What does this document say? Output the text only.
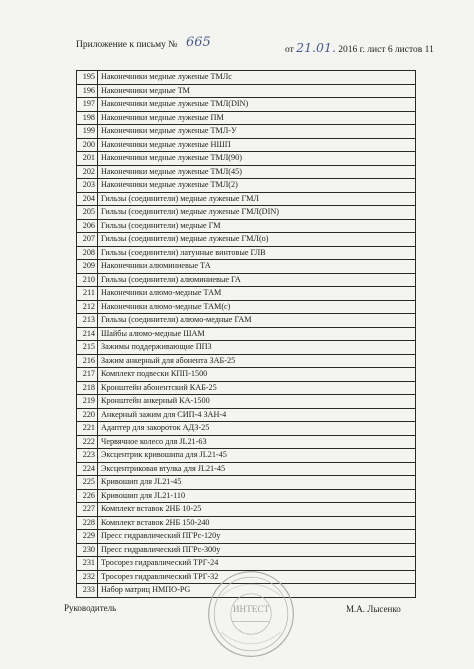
Приложение к письму № 665	от 21.01. 2016 г. лист 6 листов 11
195	Наконечники медные луженые ТМЛс
196	Наконечники медные ТМ
197	Наконечники медные луженые ТМЛ(DIN)
198	Наконечники медные луженые ПМ
199	Наконечники медные луженые ТМЛ-У
200	Наконечники медные луженые НШП
201	Наконечники медные луженые ТМЛ(90)
202	Наконечники медные луженые ТМЛ(45)
203	Наконечники медные луженые ТМЛ(2)
204	Гильзы (соединители) медные луженые ГМЛ
205	Гильзы (соединители) медные луженые ГМЛ(DIN)
206	Гильзы (соединители) медные ГМ
207	Гильзы (соединители) медные луженые ГМЛ(о)
208	Гильзы (соединители) латунные винтовые ГЛВ
209	Наконечники алюминиевые ТА
210	Гильзы (соединители) алюминиевые ГА
211	Наконечники алюмо-медные ТАМ
212	Наконечники алюмо-медные ТАМ(с)
213	Гильзы (соединители) алюмо-медные ГАМ
214	Шайбы алюмо-медные ШАМ
215	Зажимы поддерживающие ПП3
216	Зажим анкерный для абонента ЗАБ-25
217	Комплект подвески КПП-1500
218	Кронштейн абонентский КАБ-25
219	Кронштейн анкерный КА-1500
220	Анкерный зажим для СИП-4 ЗАН-4
221	Адаптер для закороток АДЗ-25
222	Червячное колесо для JL21-63
223	Эксцентрик кривошипа для JL21-45
224	Эксцентриковая втулка для JL21-45
225	Кривошип для JL21-45
226	Кривошип для JL21-110
227	Комплект вставок 2НБ 10-25
228	Комплект вставок 2НБ 150-240
229	Пресс гидравлический ПГРс-120у
230	Пресс гидравлический ПГРс-300у
231	Тросорез гидравлический ТРГ-24
232	Тросорез гидравлический ТРГ-32
233	Набор матриц НМПО-PG
Руководитель	ИНТЕСТ	М.А. Лысенко
